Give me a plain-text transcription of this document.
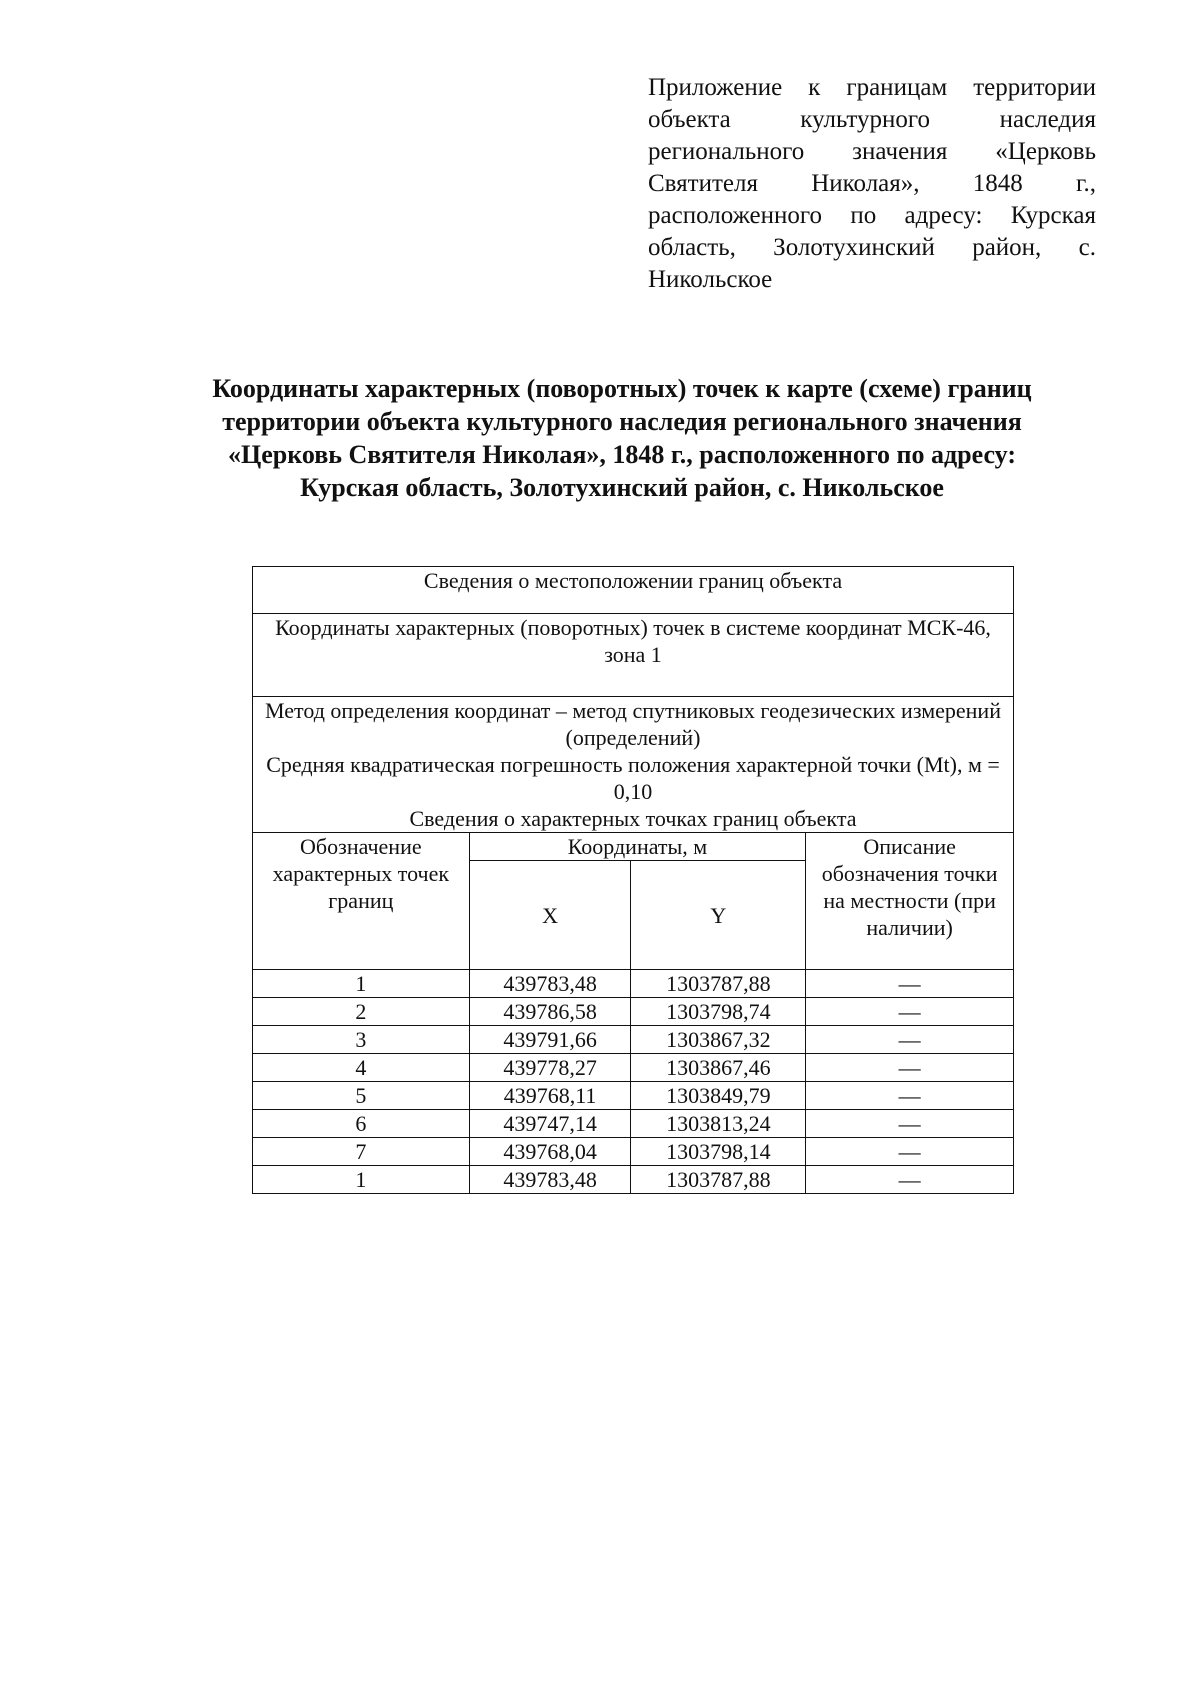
Приложение к границам территории объекта культурного наследия регионального значения «Церковь Святителя Николая», 1848 г., расположенного по адресу: Курская область, Золотухинский район, с. Никольское
Координаты характерных (поворотных) точек к карте (схеме) границ
территории объекта культурного наследия регионального значения
«Церковь Святителя Николая», 1848 г., расположенного по адресу:
Курская область, Золотухинский район, с. Никольское
Сведения о местоположении границ объекта			
Координаты характерных (поворотных) точек в системе координат МСК-46, зона 1			

Метод определения координат – метод спутниковых геодезических измерений (определений)
Средняя квадратическая погрешность положения характерной точки (Mt), м = 0,10
Сведения о характерных точках границ объекта			

Обозначение характерных точек границ	Координаты, м		Описание обозначения точки на местности (при наличии)
	X	Y	
1	439783,48	1303787,88	—
2	439786,58	1303798,74	—
3	439791,66	1303867,32	—
4	439778,27	1303867,46	—
5	439768,11	1303849,79	—
6	439747,14	1303813,24	—
7	439768,04	1303798,14	—
1	439783,48	1303787,88	—
